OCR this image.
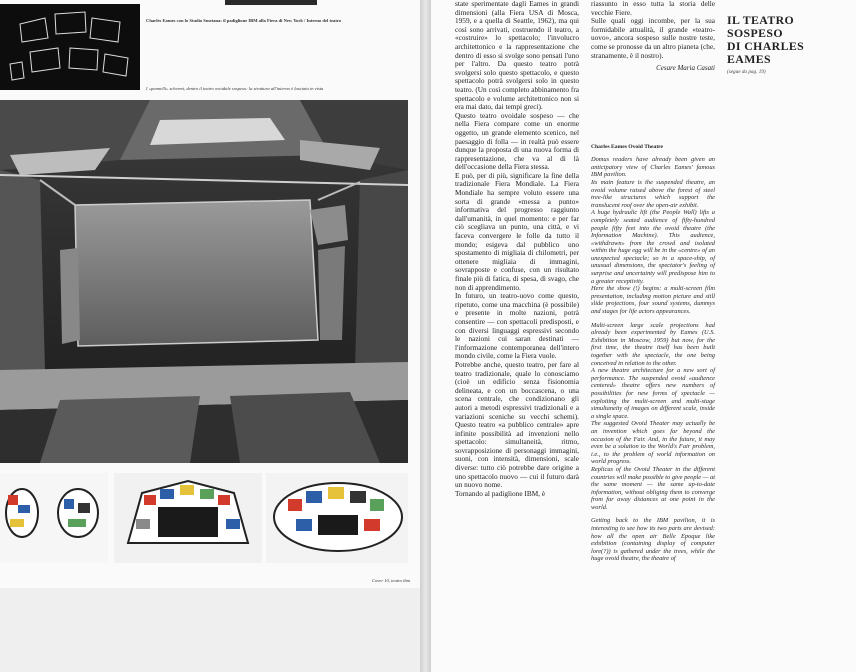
Charles Eames con lo Studio Smetana: il padiglione IBM alla Fiera di New York / Interno del teatro
I «pannelli» schermi, dentro il teatro ovoidale sospeso: la struttura all'interno è lasciata in vista
Cover 10, teatro ibm

state sperimentate dagli Eames in grandi dimensioni (alla Fiera USA di Mosca, 1959, e a quella di Seattle, 1962), ma qui così sono arrivati, costruendo il teatro, a «costruire» lo spettacolo; l'involucro architettonico e la rappresentazione che dentro di esso si svolge sono pensati l'uno per l'altro. Da questo teatro potrà svolgersi solo questo spettacolo, e questo spettacolo potrà svolgersi solo in questo teatro. (Un così completo abbinamento fra spettacolo e volume architettonico non si era mai dato, dai tempi greci).

Questo teatro ovoidale sospeso — che nella Fiera compare come un enorme oggetto, un grande elemento scenico, nel paesaggio di folla — in realtà può essere dunque la proposta di una nuova forma di rappresentazione, che va al di là dell'occasione della Fiera stessa.

E può, per di più, significare la fine della tradizionale Fiera Mondiale. La Fiera Mondiale ha sempre voluto essere una sorta di grande «messa a punto» informativa del progresso raggiunto dall'umanità, in quel momento: e per far ciò scegliava un punto, una città, e vi faceva convergere le folle da tutto il mondo; esigeva dal pubblico uno spostamento di migliaia di chilometri, per ottenere migliaia di immagini, sovrapposte e confuse, con un risultato finale più di fatica, di spesa, di svago, che non di apprendimento.

In futuro, un teatro-uovo come questo, ripetuto, come una macchina (è possibile) e presente in molte nazioni, potrà consentire — con spettacoli predisposti, e con diversi linguaggi espressivi secondo le nazioni cui saran destinati — l'informazione contemporanea dell'intero mondo civile, come la Fiera vuole.

Potrebbe anche, questo teatro, per fare al teatro tradizionale, quale lo conosciamo (cioè un edificio senza fisionomia delineata, e con un boccascena, o una scena centrale, che condizionano gli autori a metodi espressivi tradizionali e a variazioni sceniche su vecchi schemi). Questo teatro «a pubblico centrale» apre infinite possibilità ad invenzioni nello spettacolo: simultaneità, ritmo, sovrapposizione di personaggi immagini, suoni, con intensità, dimensioni, scale diverse: tutto ciò potrebbe dare origine a uno spettacolo nuovo — cui il futuro darà un nuovo nome.

Tornando al padiglione IBM, è

riassunto in esso tutta la storia delle vecchie Fiere.

Sulle quali oggi incombe, per la sua formidabile attualità, il grande «teatro-uovo», ancora sospeso sulle nostre teste, come se pronosse da un altro pianeta (che, stranamente, è il nostro).

Cesare Maria Casati
Charles Eames Ovoid Theatre

Domus readers have already been given an anticipatory view of Charles Eames' famous IBM pavilion.

Its main feature is the suspended theatre, an ovoid volume raised above the forest of steel tree-like structures which support the translucent roof over the open-air exhibit.

A huge hydraulic lift (the People Wall) lifts a completely seated audience of fifty-hundred people fifty feet into the ovoid theatre (the Information Machine). This audience, «withdrawn» from the crowd and isolated within the huge egg will be in the «centre» of an unexpected spectacle; so in a space-ship, of unusual dimensions, the spectator's feeling of surprise and uncertainty will predispose him to a greater receptivity.

Here the show (!) begins: a multi-screen film presentation, including motion picture and still slide projections, four sound systems, dummys and stages for life actors appearances.

Multi-screen large scale projections had already been experimented by Eames (U.S. Exhibition in Moscow, 1959) but now, for the first time, the theatre itself has been built together with the spectacle, the one being conceived in relation to the other.

A new theatre architecture for a new sort of performance. The suspended ovoid «audience centered» theatre offers new numbers of possibilities for new forms of spectacle — exploiting the multi-screen and multi-stage simultaneity of images on different scale, inside a single space.

The suggested Ovoid Theater may actually be an invention which goes far beyond the occasion of the Fair. And, in the future, it may even be a solution to the World's Fair problem, i.e., to the problem of world information on world progress.

Replicas of the Ovoid Theater in the different countries will make possible to give people — at the same moment — the same up-to-date information, without obliging them to converge from far away distances at one point in the world.

Getting back to the IBM pavilion, it is interesting to see how its two parts are devised: how all the open air Belle Epoque like exhibition (containing display of computer lore(?)) is gathered under the trees, while the huge ovoid theatre, the theatre of

IL TEATRO SOSPESO
DI CHARLES EAMES
(segue da pag. 19)
